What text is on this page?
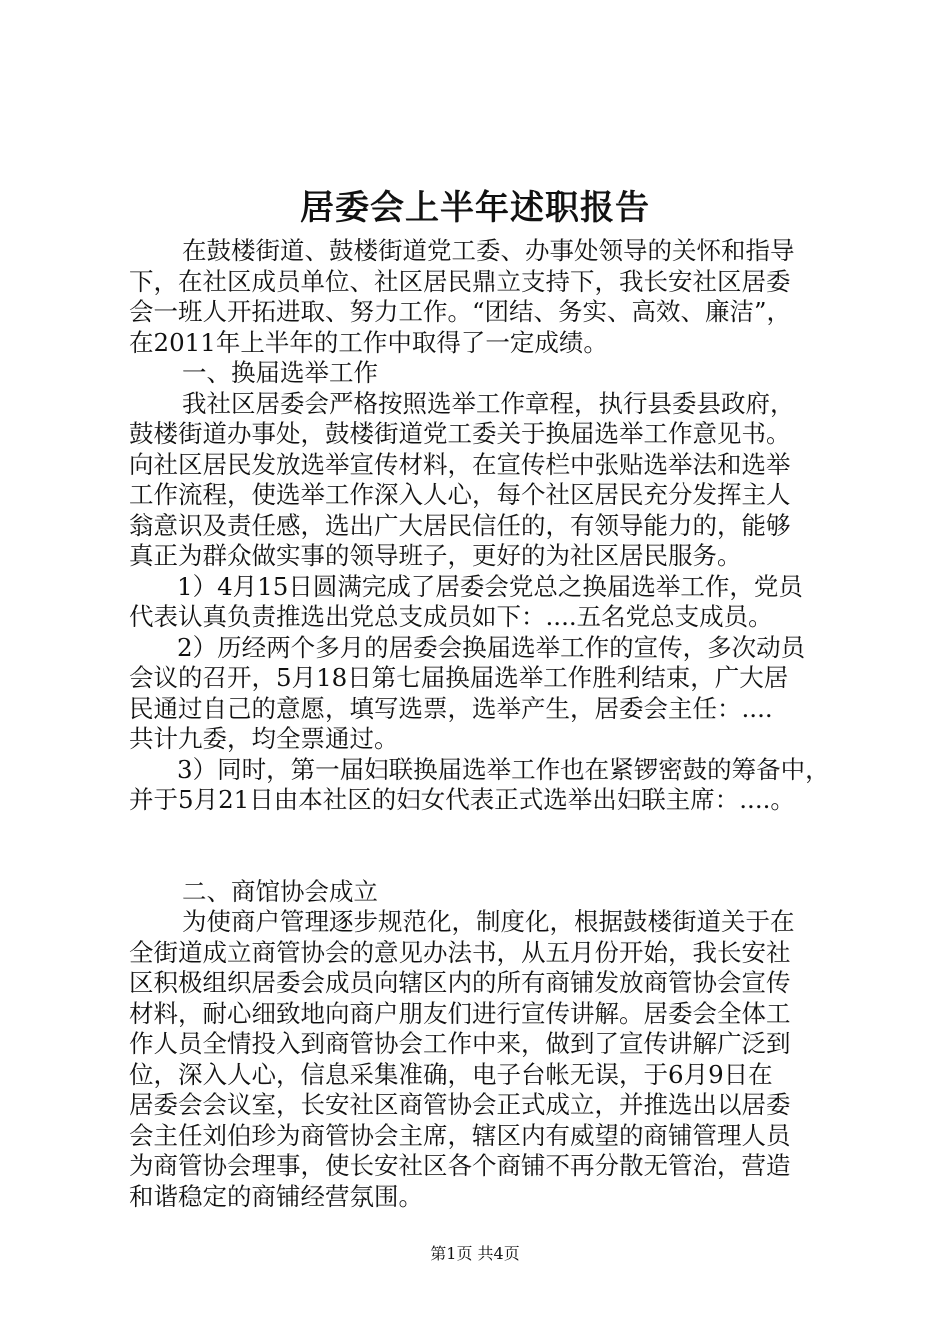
居委会上半年述职报告

在鼓楼街道、鼓楼街道党工委、办事处领导的关怀和指导

下，在社区成员单位、社区居民鼎立支持下，我长安社区居委

会一班人开拓进取、努力工作。“团结、务实、高效、廉洁”，

在2011年上半年的工作中取得了一定成绩。

一、换届选举工作

我社区居委会严格按照选举工作章程，执行县委县政府，

鼓楼街道办事处，鼓楼街道党工委关于换届选举工作意见书。

向社区居民发放选举宣传材料，在宣传栏中张贴选举法和选举

工作流程，使选举工作深入人心，每个社区居民充分发挥主人

翁意识及责任感，选出广大居民信任的，有领导能力的，能够

真正为群众做实事的领导班子，更好的为社区居民服务。

1）4月15日圆满完成了居委会党总之换届选举工作，党员

代表认真负责推选出党总支成员如下：....五名党总支成员。

2）历经两个多月的居委会换届选举工作的宣传，多次动员

会议的召开，5月18日第七届换届选举工作胜利结束，广大居

民通过自己的意愿，填写选票，选举产生，居委会主任：....

共计九委，均全票通过。

3）同时，第一届妇联换届选举工作也在紧锣密鼓的筹备中，

并于5月21日由本社区的妇女代表正式选举出妇联主席：....。

二、商馆协会成立

为使商户管理逐步规范化，制度化，根据鼓楼街道关于在

全街道成立商管协会的意见办法书，从五月份开始，我长安社

区积极组织居委会成员向辖区内的所有商铺发放商管协会宣传

材料，耐心细致地向商户朋友们进行宣传讲解。居委会全体工

作人员全情投入到商管协会工作中来，做到了宣传讲解广泛到

位，深入人心，信息采集准确，电子台帐无误，于6月9日在

居委会会议室，长安社区商管协会正式成立，并推选出以居委

会主任刘伯珍为商管协会主席，辖区内有威望的商铺管理人员

为商管协会理事，使长安社区各个商铺不再分散无管治，营造

和谐稳定的商铺经营氛围。

第1页 共4页
